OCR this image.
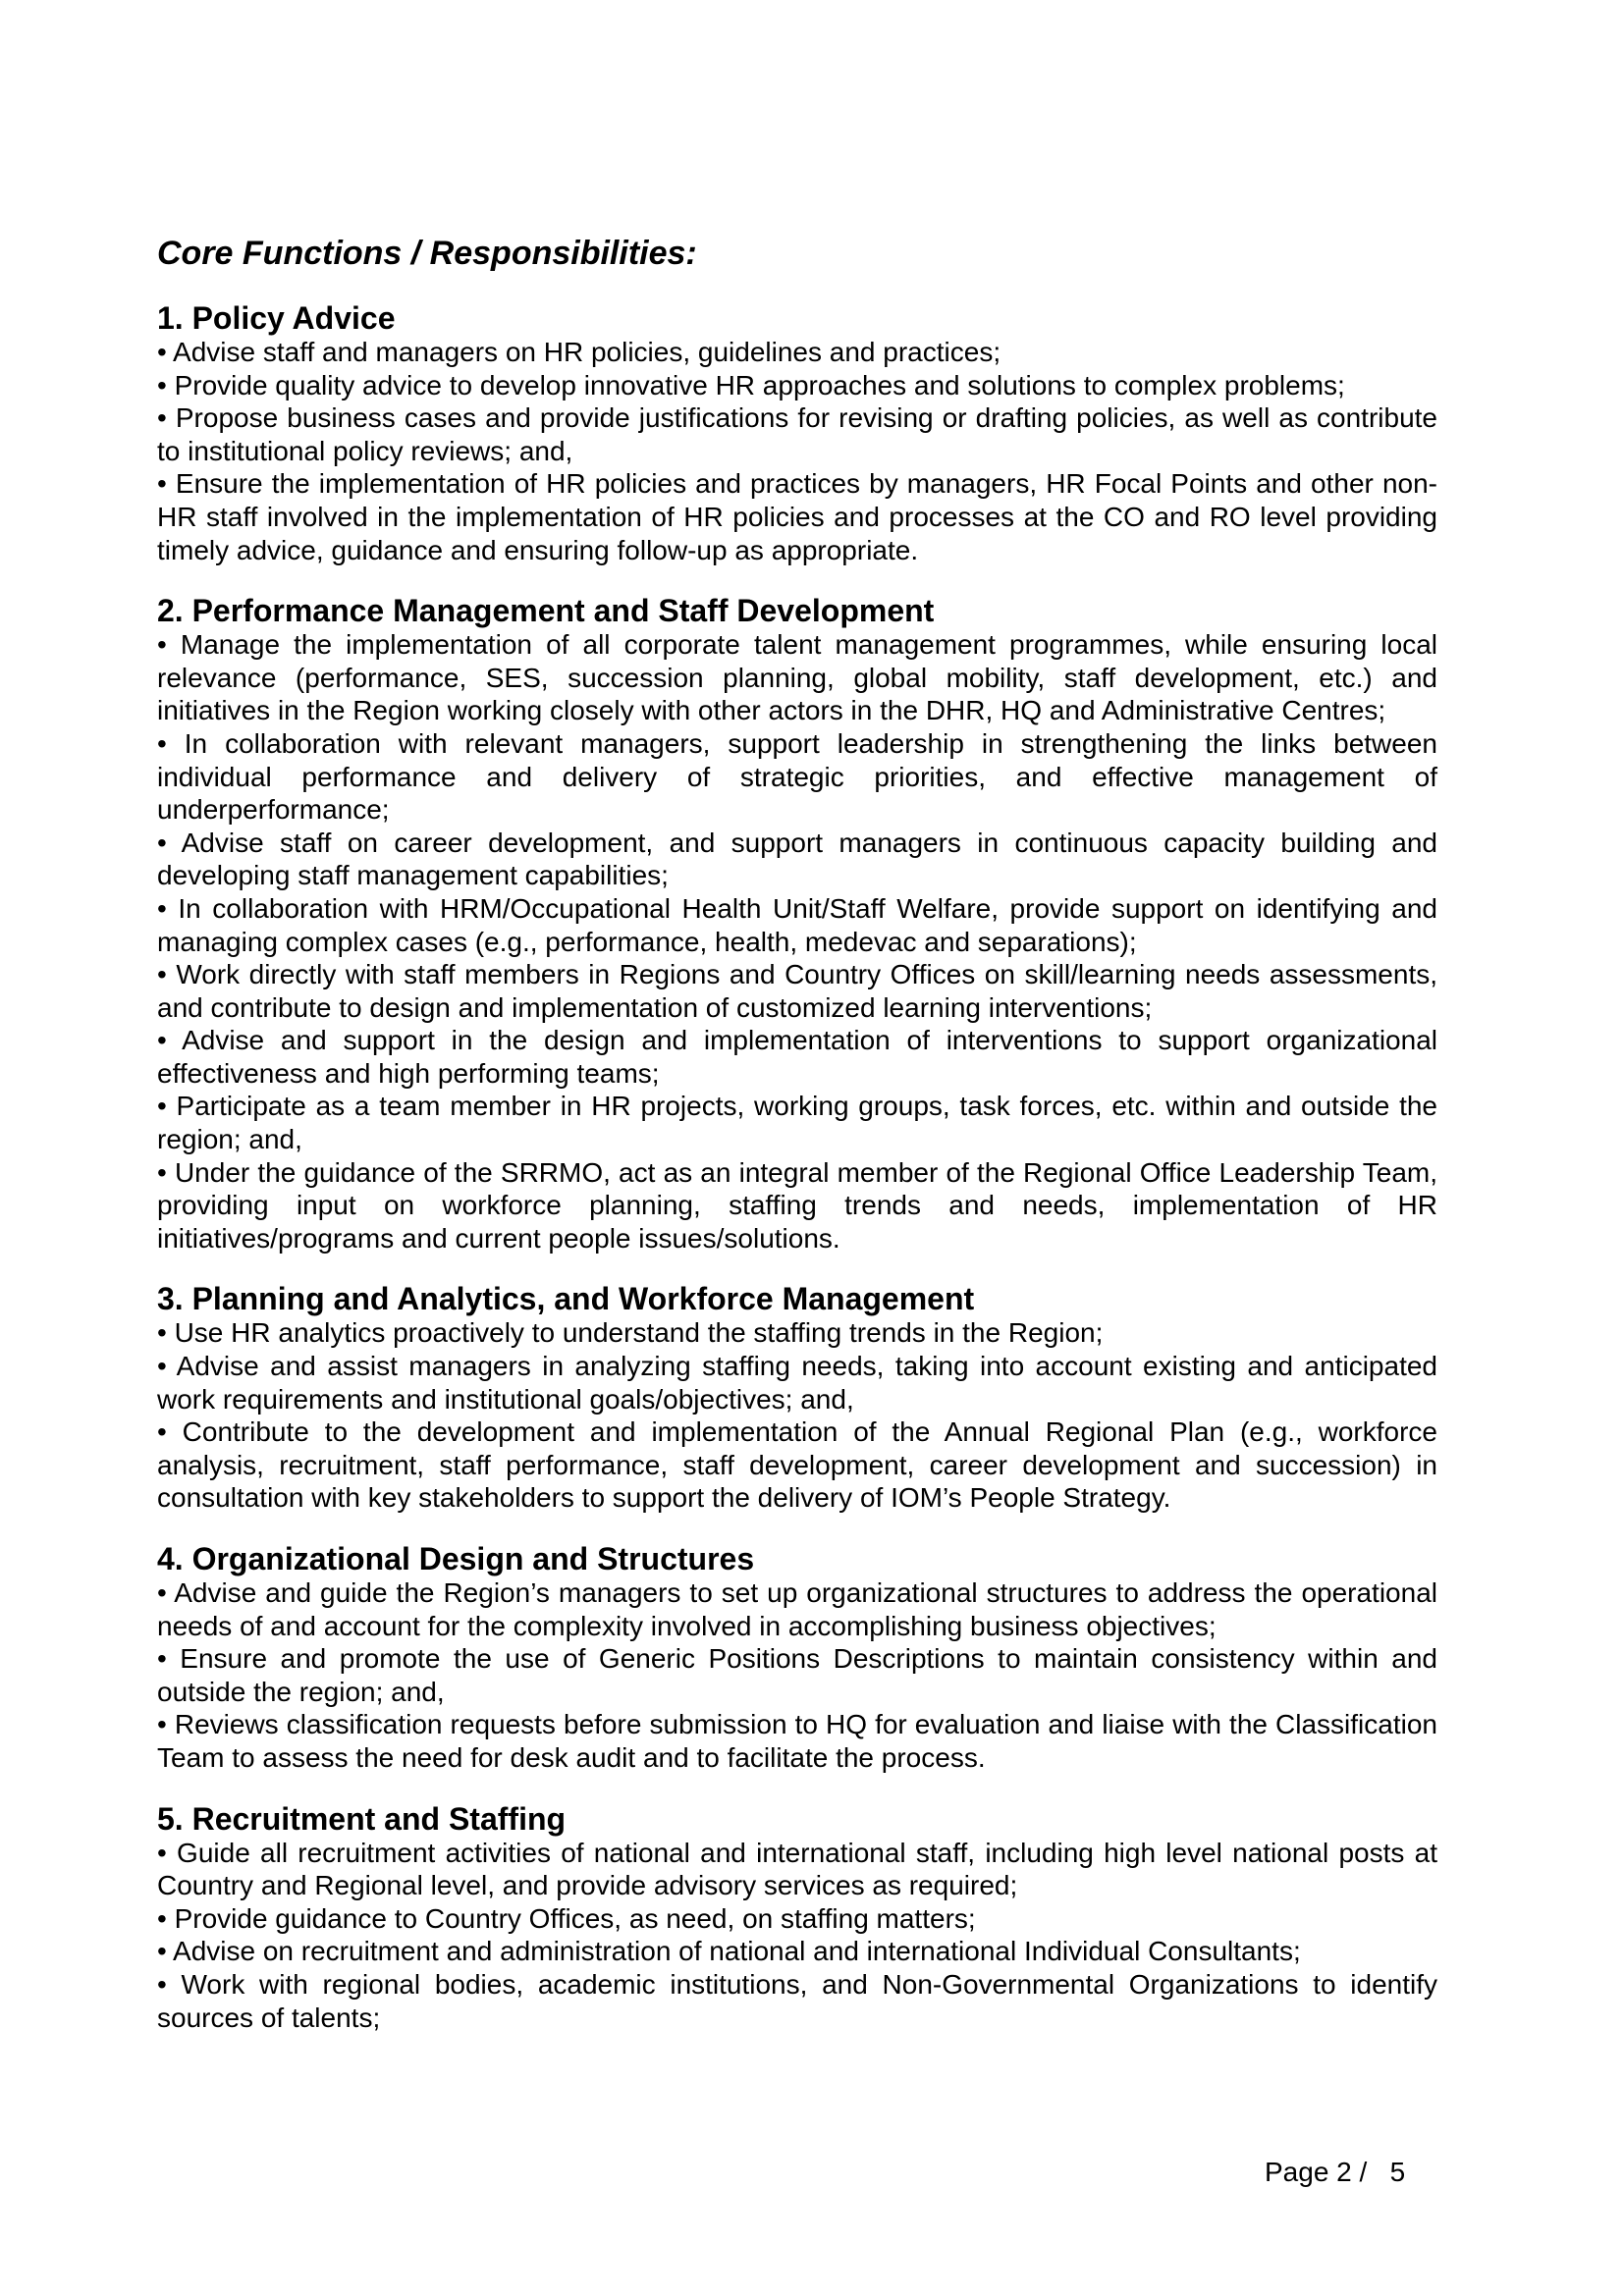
Core Functions / Responsibilities:
1. Policy Advice

• Advise staff and managers on HR policies, guidelines and practices;

• Provide quality advice to develop innovative HR approaches and solutions to complex problems;

• Propose business cases and provide justifications for revising or drafting policies, as well as contribute to institutional policy reviews; and,

• Ensure the implementation of HR policies and practices by managers, HR Focal Points and other non-HR staff involved in the implementation of HR policies and processes at the CO and RO level providing timely advice, guidance and ensuring follow-up as appropriate.

2. Performance Management and Staff Development

• Manage the implementation of all corporate talent management programmes, while ensuring local relevance (performance, SES, succession planning, global mobility, staff development, etc.) and initiatives in the Region working closely with other actors in the DHR, HQ and Administrative Centres;

• In collaboration with relevant managers, support leadership in strengthening the links between individual performance and delivery of strategic priorities, and effective management of underperformance;

• Advise staff on career development, and support managers in continuous capacity building and developing staff management capabilities;

• In collaboration with HRM/Occupational Health Unit/Staff Welfare, provide support on identifying and managing complex cases (e.g., performance, health, medevac and separations);

• Work directly with staff members in Regions and Country Offices on skill/learning needs assessments, and contribute to design and implementation of customized learning interventions;

• Advise and support in the design and implementation of interventions to support organizational effectiveness and high performing teams;

• Participate as a team member in HR projects, working groups, task forces, etc. within and outside the region; and,

• Under the guidance of the SRRMO, act as an integral member of the Regional Office Leadership Team, providing input on workforce planning, staffing trends and needs, implementation of HR initiatives/programs and current people issues/solutions.

3. Planning and Analytics, and Workforce Management

• Use HR analytics proactively to understand the staffing trends in the Region;

• Advise and assist managers in analyzing staffing needs, taking into account existing and anticipated work requirements and institutional goals/objectives; and,

• Contribute to the development and implementation of the Annual Regional Plan (e.g., workforce analysis, recruitment, staff performance, staff development, career development and succession) in consultation with key stakeholders to support the delivery of IOM’s People Strategy.

4. Organizational Design and Structures

• Advise and guide the Region’s managers to set up organizational structures to address the operational needs of and account for the complexity involved in accomplishing business objectives;

• Ensure and promote the use of Generic Positions Descriptions to maintain consistency within and outside the region; and,

• Reviews classification requests before submission to HQ for evaluation and liaise with the Classification Team to assess the need for desk audit and to facilitate the process.

5. Recruitment and Staffing

• Guide all recruitment activities of national and international staff, including high level national posts at Country and Regional level, and provide advisory services as required;

• Provide guidance to Country Offices, as need, on staffing matters;

• Advise on recruitment and administration of national and international Individual Consultants;

• Work with regional bodies, academic institutions, and Non-Governmental Organizations to identify sources of talents;

Page 2 /   5
